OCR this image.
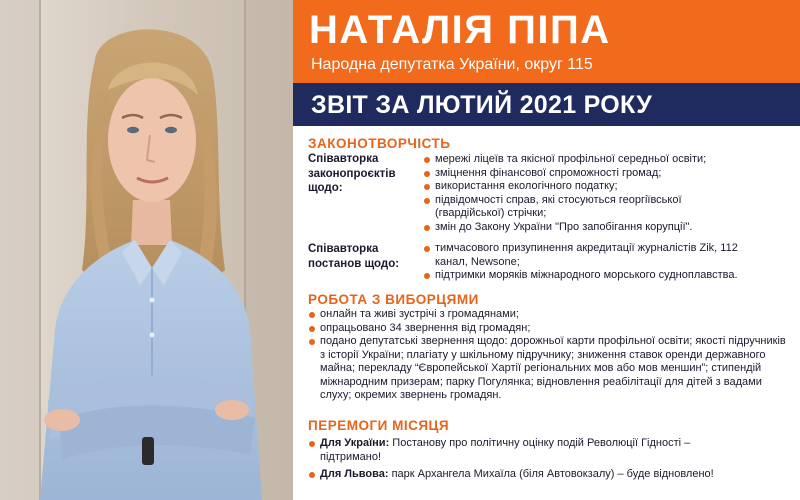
НАТАЛІЯ ПІПА
Народна депутатка України, округ 115
ЗВІТ ЗА ЛЮТИЙ 2021 РОКУ
ЗАКОНОТВОРЧІСТЬ
Співавторка законопроєктів щодо:
мережі ліцеїв та якісної профільної середньої освіти;
зміцнення фінансової спроможності громад;
використання екологічного податку;
підвідомчості справ, які стосуються георгіївської (гвардійської) стрічки;
змін до Закону України "Про запобігання корупції".
Співавторка постанов щодо:
тимчасового призупинення акредитації журналістів Zik, 112 канал, Newsone;
підтримки моряків міжнародного морського судноплавства.
РОБОТА З ВИБОРЦЯМИ
онлайн та живі зустрічі з громадянами;
опрацьовано 34 звернення від громадян;
подано депутатські звернення щодо: дорожньої карти профільної освіти; якості підручників з історії України; плагіату у шкільному підручнику; зниження ставок оренди державного майна; перекладу “Європейської Хартії регіональних мов або мов меншин”; стипендій міжнародним призерам; парку Погулянка; відновлення реабілітації для дітей з вадами слуху; окремих звернень громадян.
ПЕРЕМОГИ МІСЯЦЯ
Для України: Постанову про політичну оцінку подій Революції Гідності – підтримано!
Для Львова: парк Архангела Михаїла (біля Автовокзалу) – буде відновлено!
